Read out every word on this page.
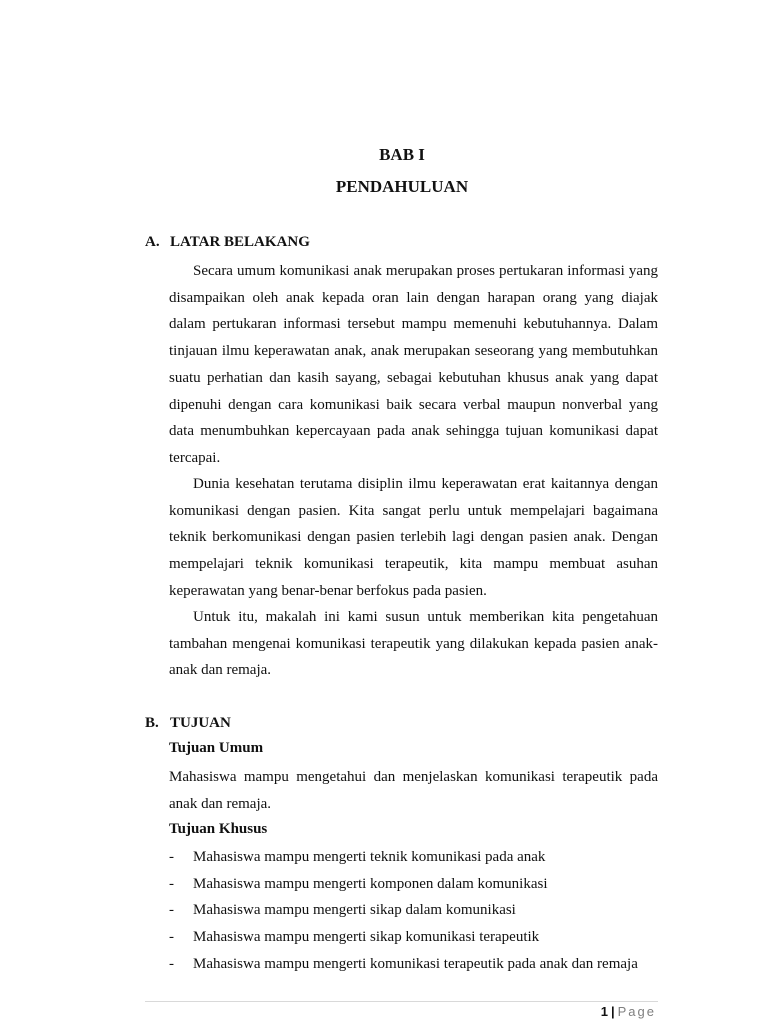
BAB I
PENDAHULUAN
A. LATAR BELAKANG

Secara umum komunikasi anak merupakan proses pertukaran informasi yang disampaikan oleh anak kepada oran lain dengan harapan orang yang diajak dalam pertukaran informasi tersebut mampu memenuhi kebutuhannya. Dalam tinjauan ilmu keperawatan anak, anak merupakan seseorang yang membutuhkan suatu perhatian dan kasih sayang, sebagai kebutuhan khusus anak yang dapat dipenuhi dengan cara komunikasi baik secara verbal maupun nonverbal yang data menumbuhkan kepercayaan pada anak sehingga tujuan komunikasi dapat tercapai.

Dunia kesehatan terutama disiplin ilmu keperawatan erat kaitannya dengan komunikasi dengan pasien. Kita sangat perlu untuk mempelajari bagaimana teknik berkomunikasi dengan pasien terlebih lagi dengan pasien anak. Dengan mempelajari teknik komunikasi terapeutik, kita mampu membuat asuhan keperawatan yang benar-benar berfokus pada pasien.

Untuk itu, makalah ini kami susun untuk memberikan kita pengetahuan tambahan mengenai komunikasi terapeutik yang dilakukan kepada pasien anak-anak dan remaja.

B. TUJUAN
Tujuan Umum

Mahasiswa mampu mengetahui dan menjelaskan komunikasi terapeutik pada anak dan remaja.

Tujuan Khusus
-	Mahasiswa mampu mengerti teknik komunikasi pada anak
-	Mahasiswa mampu mengerti komponen dalam komunikasi
-	Mahasiswa mampu mengerti sikap dalam komunikasi
-	Mahasiswa mampu mengerti sikap komunikasi terapeutik
-	Mahasiswa mampu mengerti komunikasi terapeutik pada anak dan remaja
1 | Page
